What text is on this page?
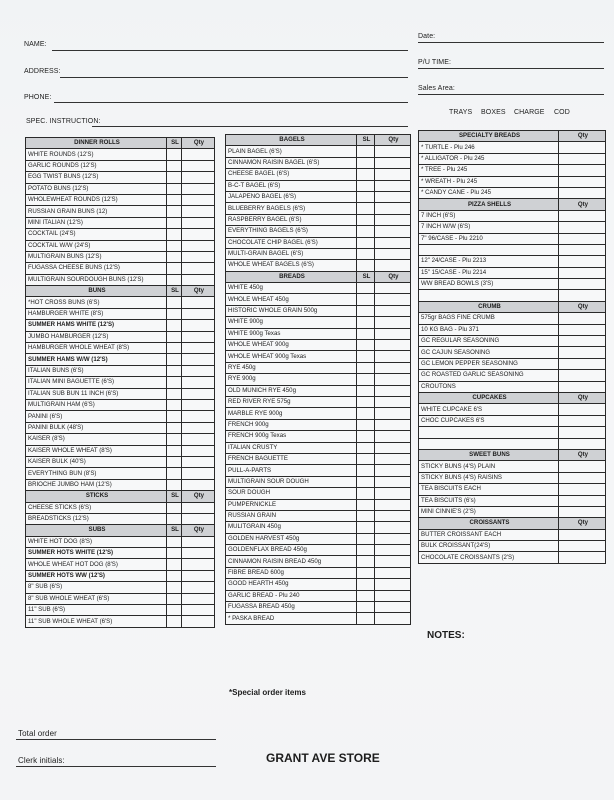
NAME:
ADDRESS:
PHONE:
SPEC. INSTRUCTION:
Date:
P/U TIME:
Sales Area:
TRAYS BOXES CHARGE COD
DINNER ROLLS	SL	Qty
WHITE ROUNDS (12'S)		
GARLIC ROUNDS (12'S)		
EGG TWIST BUNS (12'S)		
POTATO BUNS (12'S)		
WHOLEWHEAT ROUNDS (12'S)		
RUSSIAN GRAIN BUNS (12)		
MINI ITALIAN (12'S)		
COCKTAIL (24'S)		
COCKTAIL W/W (24'S)		
MULTIGRAIN BUNS (12'S)		
FUGASSA CHEESE BUNS (12'S)		
MULTIGRAIN SOURDOUGH BUNS (12'S)		
BUNS	SL	Qty
*HOT CROSS BUNS (6'S)		
HAMBURGER WHITE (8'S)		
SUMMER HAMS WHITE (12'S)		
JUMBO HAMBURGER (12'S)		
HAMBURGER WHOLE WHEAT (8'S)		
SUMMER HAMS W/W (12'S)		
ITALIAN BUNS (6'S)		
ITALIAN MINI BAGUETTE (6'S)		
ITALIAN SUB BUN 11 INCH (6'S)		
MULTIGRAIN HAM (6'S)		
PANINI (6'S)		
PANINI BULK (48'S)		
KAISER (8'S)		
KAISER WHOLE WHEAT (8'S)		
KAISER BULK (40'S)		
EVERYTHING BUN (8'S)		
BRIOCHE JUMBO HAM (12'S)		
STICKS	SL	Qty
CHEESE STICKS (6'S)		
BREADSTICKS (12'S)		
SUBS	SL	Qty
WHITE HOT DOG (8'S)		
SUMMER HOTS WHITE (12'S)		
WHOLE WHEAT HOT DOG (8'S)		
SUMMER HOTS WW (12'S)		
8" SUB (6'S)		
8" SUB WHOLE WHEAT (6'S)		
11" SUB (6'S)		
11" SUB WHOLE WHEAT (6'S)		
BAGELS	SL	Qty
PLAIN BAGEL (6'S)		
CINNAMON RAISIN BAGEL (6'S)		
CHEESE BAGEL (6'S)		
B-C-T BAGEL (6'S)		
JALAPENO BAGEL (6'S)		
BLUEBERRY BAGELS (6'S)		
RASPBERRY BAGEL (6'S)		
EVERYTHING BAGELS (6'S)		
CHOCOLATE CHIP BAGEL (6'S)		
MULTI-GRAIN BAGEL (6'S)		
WHOLE WHEAT BAGELS (6'S)		
BREADS	SL	Qty
WHITE 450g		
WHOLE WHEAT 450g		
HISTORIC WHOLE GRAIN 500g		
WHITE 900g		
WHITE 900g Texas		
WHOLE WHEAT 900g		
WHOLE WHEAT 900g Texas		
RYE 450g		
RYE 900g		
OLD MUNICH RYE 450g		
RED RIVER RYE 575g		
MARBLE RYE 900g		
FRENCH 900g		
FRENCH 900g Texas		
ITALIAN CRUSTY		
FRENCH BAGUETTE		
PULL-A-PARTS		
MULTIGRAIN SOUR DOUGH		
SOUR DOUGH		
PUMPERNICKLE		
RUSSIAN GRAIN		
MULITGRAIN 450g		
GOLDEN HARVEST 450g		
GOLDENFLAX BREAD 450g		
CINNAMON RAISIN BREAD 450g		
FIBRE BREAD 600g		
GOOD HEARTH 450g		
GARLIC BREAD - Plu 240		
FUGASSA BREAD 450g		
* PASKA BREAD		
SPECIALTY BREADS	Qty
* TURTLE - Plu 246	
* ALLIGATOR - Plu 245	
* TREE - Plu 245	
* WREATH - Plu 245	
* CANDY CANE - Plu 245	
PIZZA SHELLS	Qty
7 INCH (6'S)	
7 INCH W/W (6'S)	
7" 96/CASE - Plu 2210	

12" 24/CASE - Plu 2213	
15" 15/CASE - Plu 2214	
WW BREAD BOWLS (3'S)	

CRUMB	Qty
575gr BAGS FINE CRUMB	
10 KG BAG - Plu 371	
GC REGULAR SEASONING	
GC CAJUN SEASONING	
GC LEMON PEPPER SEASONING	
GC ROASTED GARLIC SEASONING	
CROUTONS	
CUPCAKES	Qty
WHITE CUPCAKE 6'S	
CHOC CUPCAKES 6'S	

SWEET BUNS	Qty
STICKY BUNS (4'S) PLAIN	
STICKY BUNS (4'S) RAISINS	
TEA BISCUITS EACH	
TEA BISCUITS (6's)	
MINI CINNIE'S (2'S)	
CROISSANTS	Qty
BUTTER CROISSANT EACH	
BULK CROISSANT(24'S)	
CHOCOLATE CROISSANTS (2'S)	
NOTES:
*Special order items
Total order
Clerk initials:	GRANT AVE STORE
